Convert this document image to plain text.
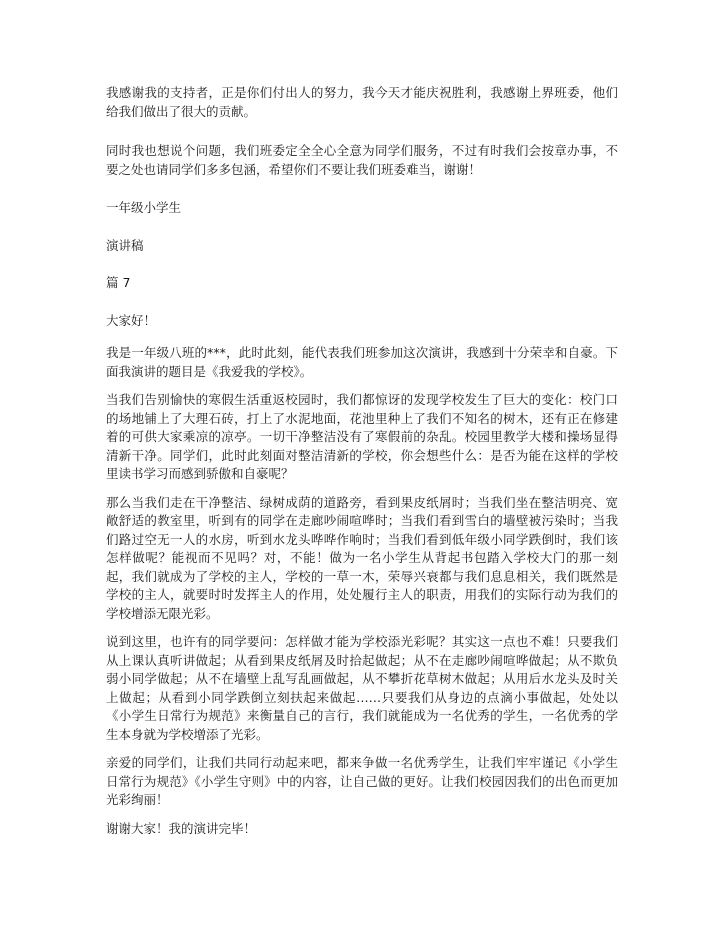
我感谢我的支持者，正是你们付出人的努力，我今天才能庆祝胜利，我感谢上界班委，他们给我们做出了很大的贡献。

同时我也想说个问题，我们班委定全全心全意为同学们服务，不过有时我们会按章办事，不要之处也请同学们多多包涵，希望你们不要让我们班委难当，谢谢！

一年级小学生

演讲稿

篇 7

大家好！

我是一年级八班的***，此时此刻，能代表我们班参加这次演讲，我感到十分荣幸和自豪。下面我演讲的题目是《我爱我的学校》。

当我们告别愉快的寒假生活重返校园时，我们都惊讶的发现学校发生了巨大的变化：校门口的场地铺上了大理石砖，打上了水泥地面，花池里种上了我们不知名的树木，还有正在修建着的可供大家乘凉的凉亭。一切干净整洁没有了寒假前的杂乱。校园里教学大楼和操场显得清新干净。同学们，此时此刻面对整洁清新的学校，你会想些什么：是否为能在这样的学校里读书学习而感到骄傲和自豪呢？

那么当我们走在干净整洁、绿树成荫的道路旁，看到果皮纸屑时；当我们坐在整洁明亮、宽敞舒适的教室里，听到有的同学在走廊吵闹喧哗时；当我们看到雪白的墙壁被污染时；当我们路过空无一人的水房，听到水龙头哗哗作响时；当我们看到低年级小同学跌倒时，我们该怎样做呢？能视而不见吗？对，不能！做为一名小学生从背起书包踏入学校大门的那一刻起，我们就成为了学校的主人，学校的一草一木，荣辱兴衰都与我们息息相关，我们既然是学校的主人，就要时时发挥主人的作用，处处履行主人的职责，用我们的实际行动为我们的学校增添无限光彩。

说到这里，也许有的同学要问：怎样做才能为学校添光彩呢？其实这一点也不难！只要我们从上课认真听讲做起；从看到果皮纸屑及时拾起做起；从不在走廊吵闹喧哗做起；从不欺负弱小同学做起；从不在墙壁上乱写乱画做起，从不攀折花草树木做起；从用后水龙头及时关上做起；从看到小同学跌倒立刻扶起来做起……只要我们从身边的点滴小事做起，处处以《小学生日常行为规范》来衡量自己的言行，我们就能成为一名优秀的学生，一名优秀的学生本身就为学校增添了光彩。

亲爱的同学们，让我们共同行动起来吧，都来争做一名优秀学生，让我们牢牢谨记《小学生日常行为规范》《小学生守则》中的内容，让自己做的更好。让我们校园因我们的出色而更加光彩绚丽！

谢谢大家！我的演讲完毕！
